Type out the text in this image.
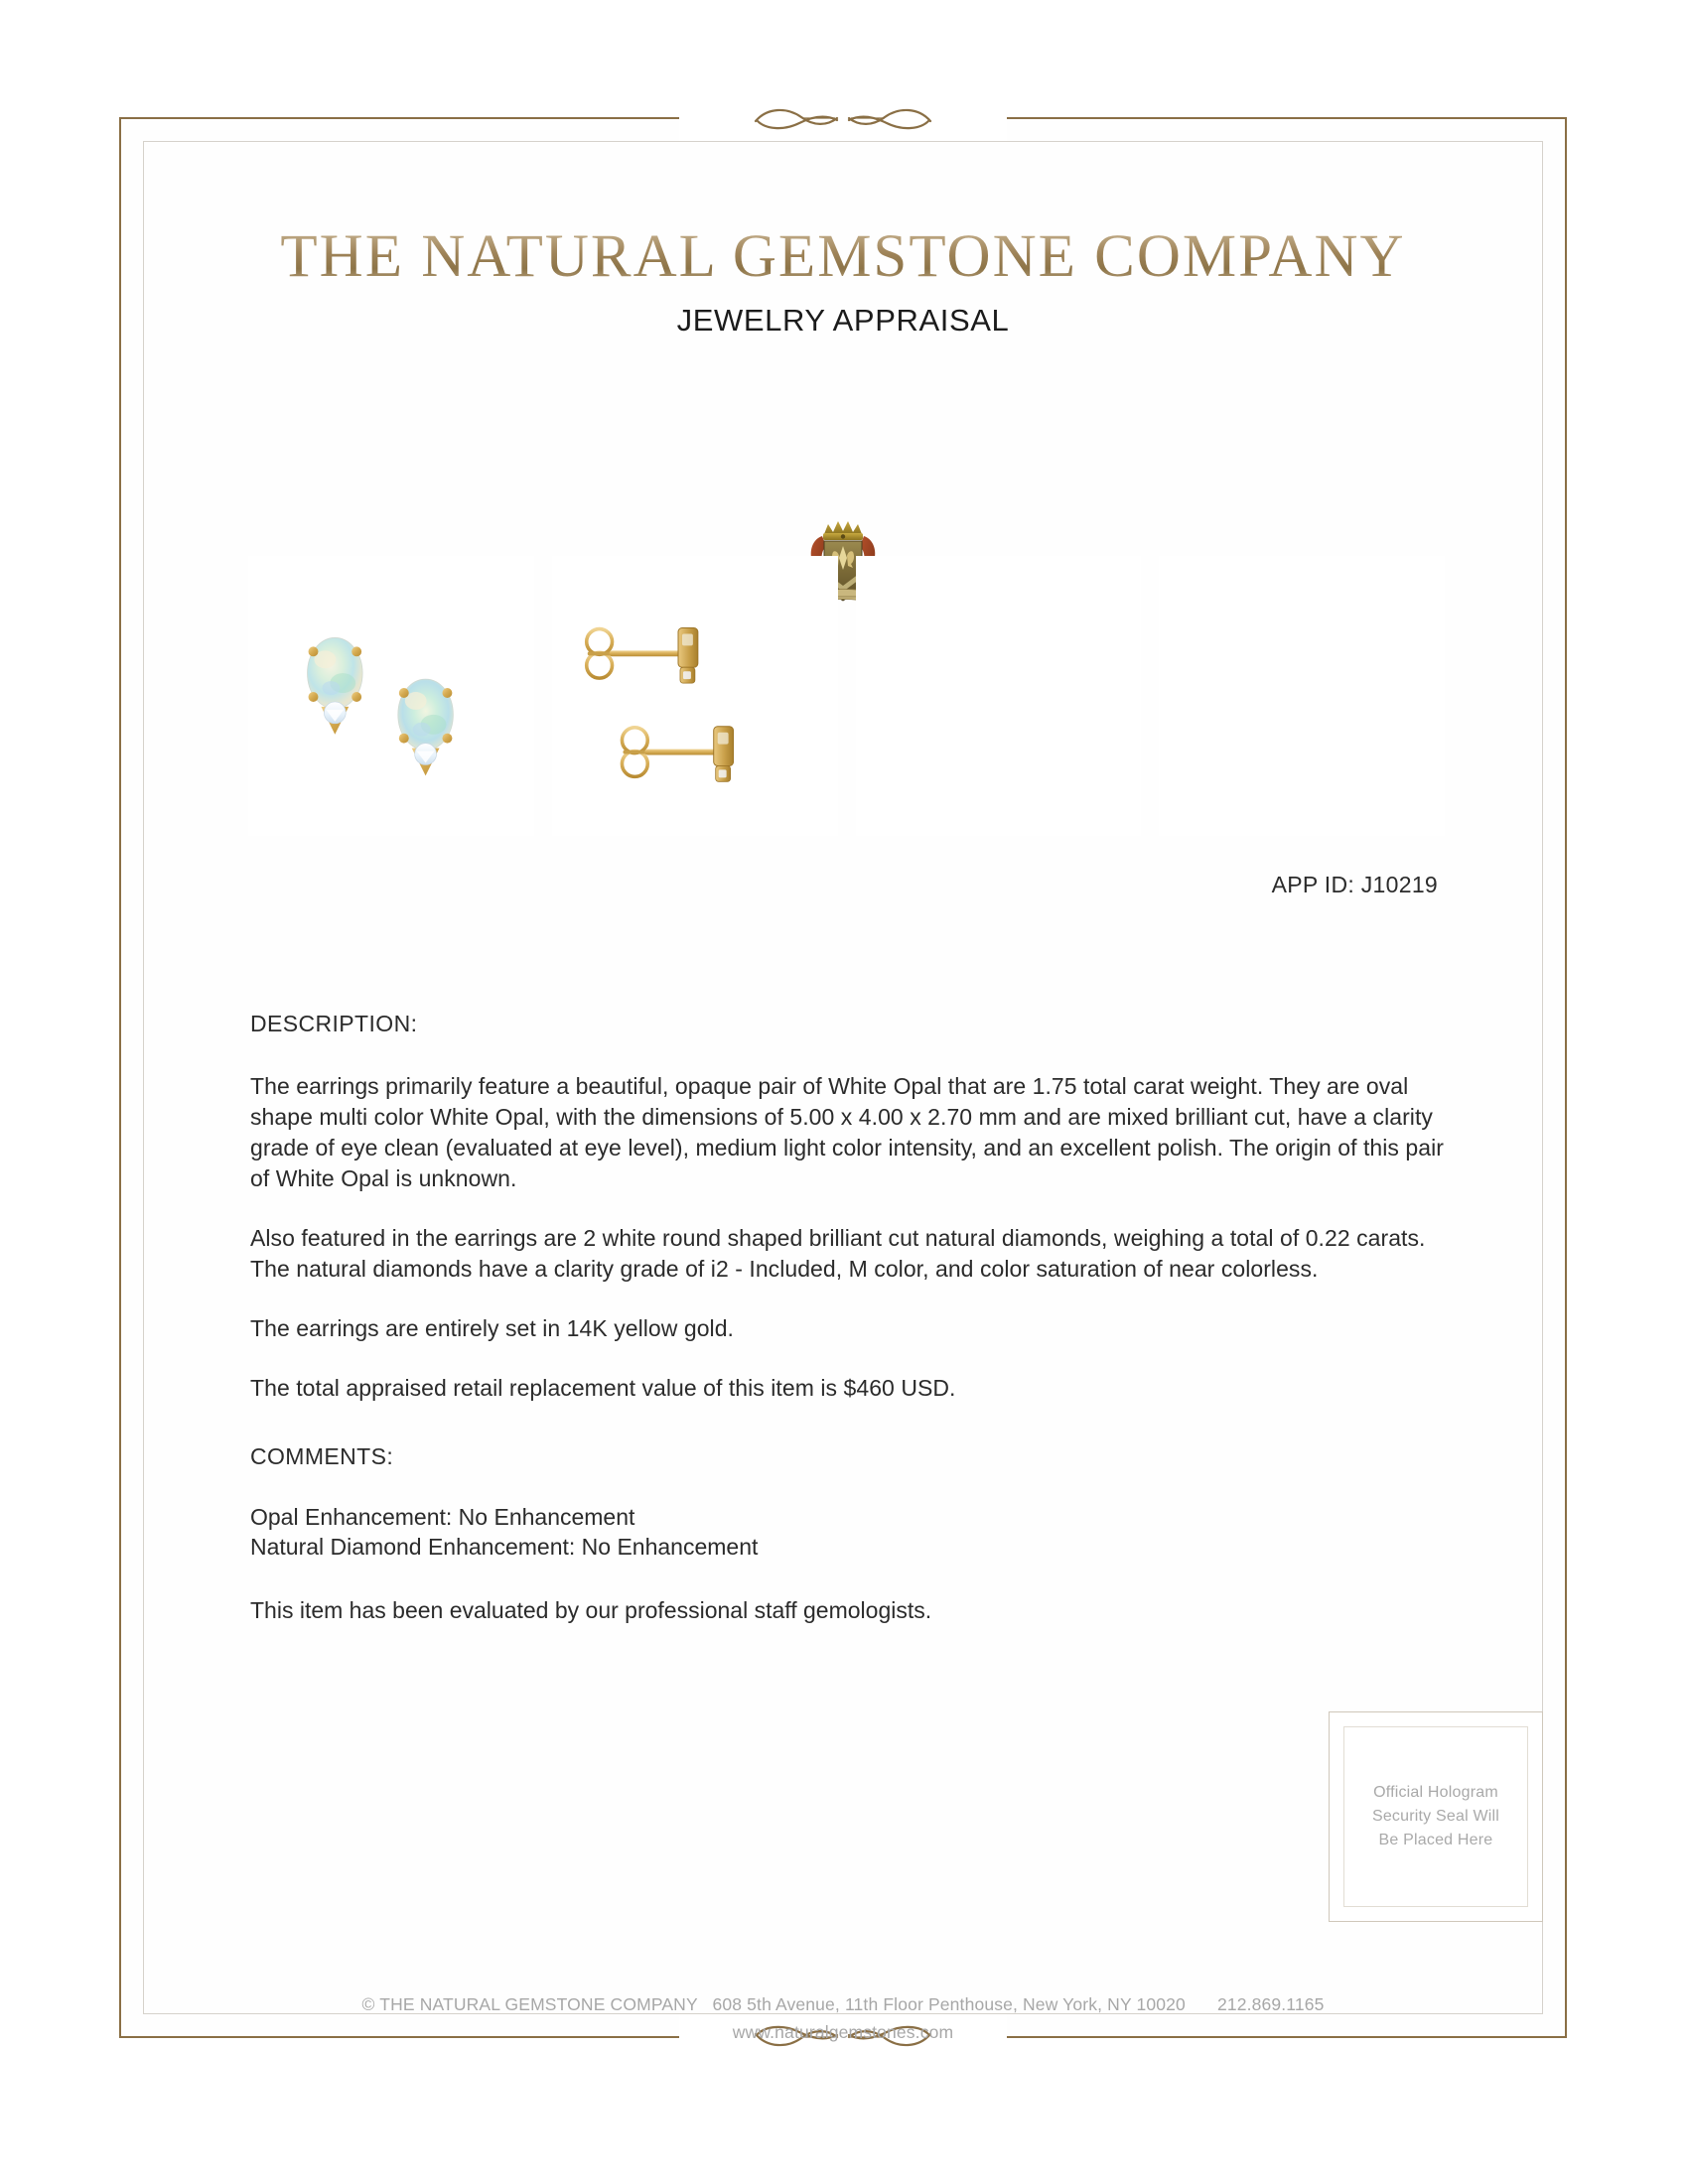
THE NATURAL GEMSTONE COMPANY
JEWELRY APPRAISAL
APP ID: J10219
DESCRIPTION:

The earrings primarily feature a beautiful, opaque pair of White Opal that are 1.75 total carat weight. They are oval shape multi color White Opal, with the dimensions of 5.00 x 4.00 x 2.70 mm and are mixed brilliant cut, have a clarity grade of eye clean (evaluated at eye level), medium light color intensity, and an excellent polish. The origin of this pair of White Opal is unknown.

Also featured in the earrings are 2 white round shaped brilliant cut natural diamonds, weighing a total of 0.22 carats. The natural diamonds have a clarity grade of i2 - Included, M color, and color saturation of near colorless.

The earrings are entirely set in 14K yellow gold.

The total appraised retail replacement value of this item is $460 USD.

COMMENTS:

Opal Enhancement: No Enhancement

Natural Diamond Enhancement: No Enhancement

This item has been evaluated by our professional staff gemologists.

Official Hologram
Security Seal Will
Be Placed Here
© THE NATURAL GEMSTONE COMPANY 608 5th Avenue, 11th Floor Penthouse, New York, NY 10020 212.869.1165
www.naturalgemstones.com
